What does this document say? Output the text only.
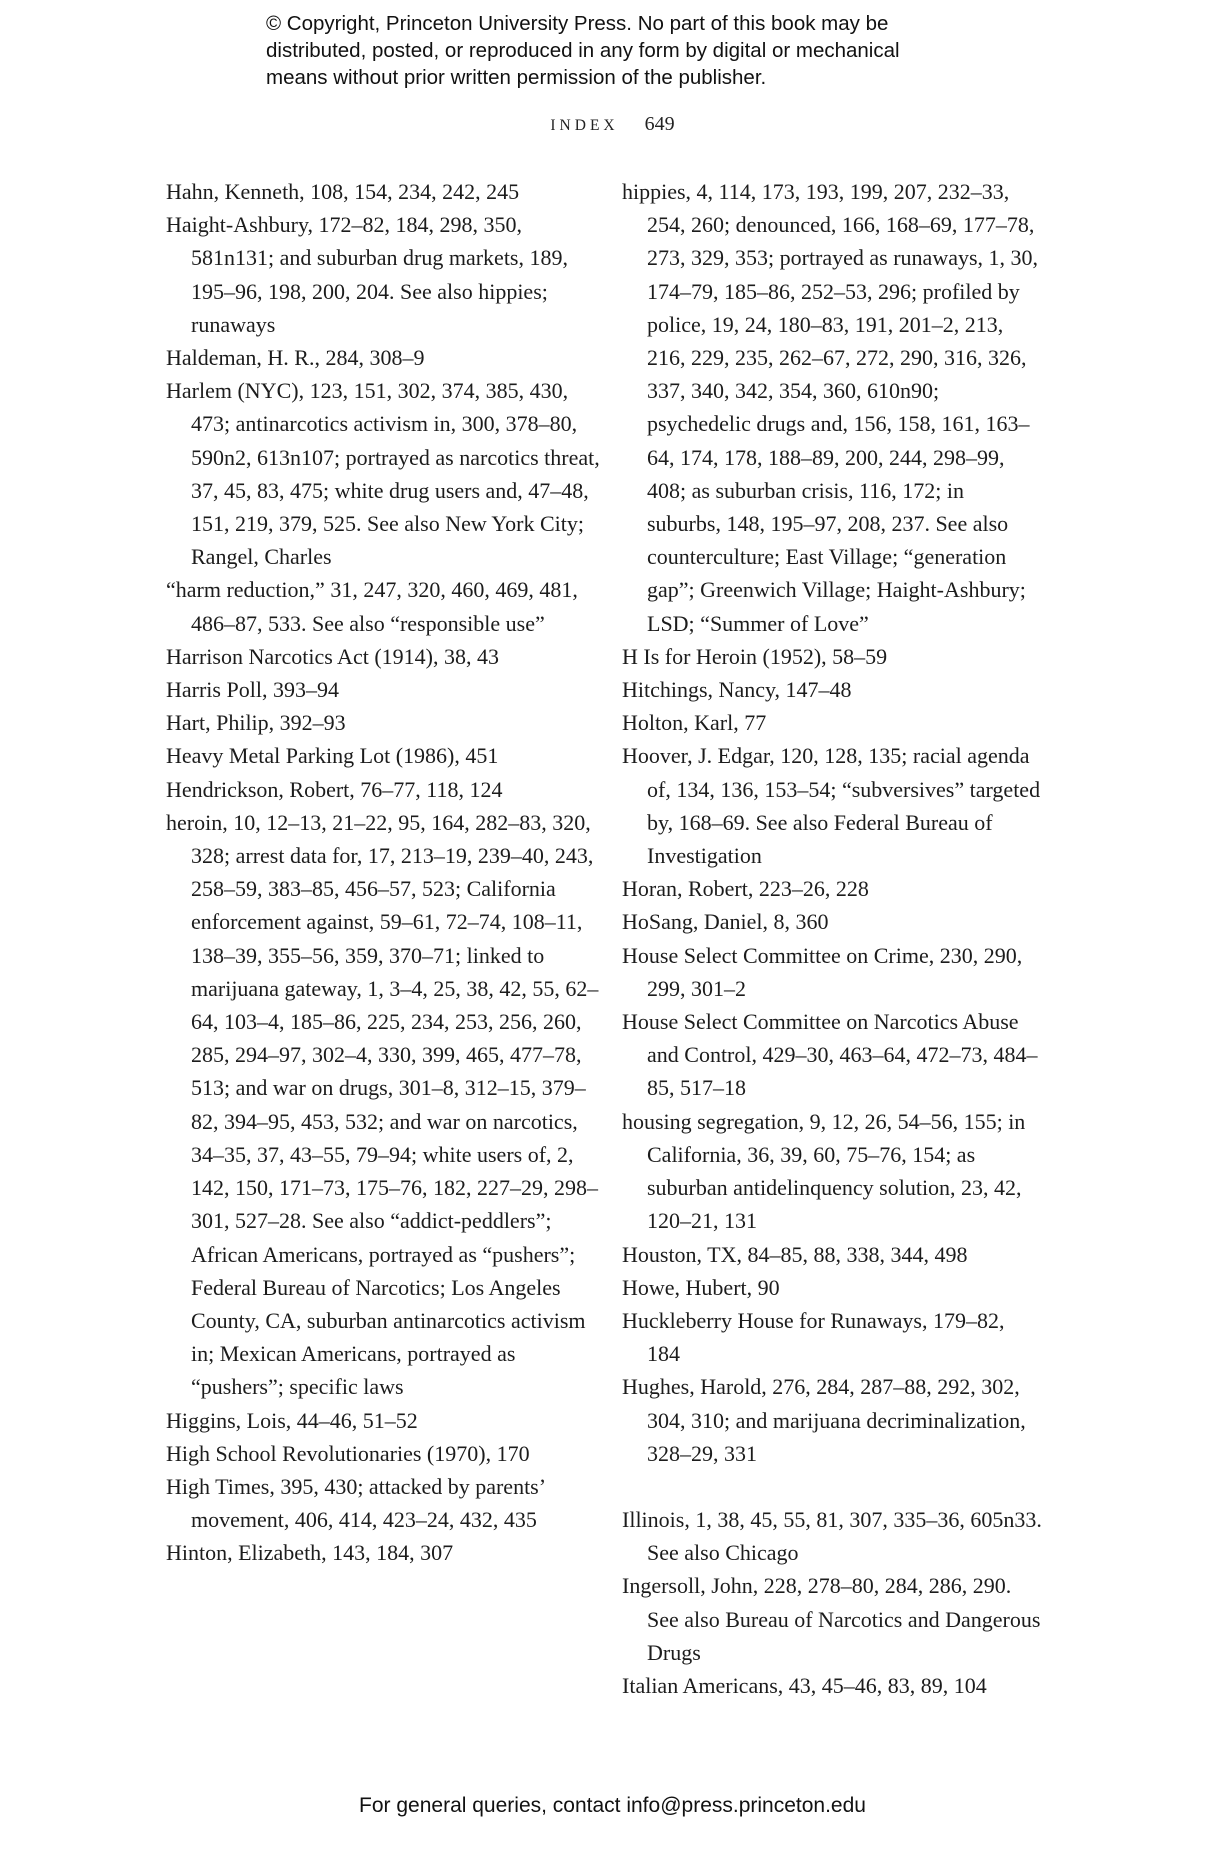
© Copyright, Princeton University Press. No part of this book may be
distributed, posted, or reproduced in any form by digital or mechanical
means without prior written permission of the publisher.
INDEX 649

Hahn, Kenneth, 108, 154, 234, 242, 245

Haight-Ashbury, 172–82, 184, 298, 350, 581n131; and suburban drug markets, 189, 195–96, 198, 200, 204. See also hippies; runaways

Haldeman, H. R., 284, 308–9

Harlem (NYC), 123, 151, 302, 374, 385, 430, 473; antinarcotics activism in, 300, 378–80, 590n2, 613n107; portrayed as narcotics threat, 37, 45, 83, 475; white drug users and, 47–48, 151, 219, 379, 525. See also New York City; Rangel, Charles

“harm reduction,” 31, 247, 320, 460, 469, 481, 486–87, 533. See also “responsible use”

Harrison Narcotics Act (1914), 38, 43

Harris Poll, 393–94

Hart, Philip, 392–93

Heavy Metal Parking Lot (1986), 451

Hendrickson, Robert, 76–77, 118, 124

heroin, 10, 12–13, 21–22, 95, 164, 282–83, 320, 328; arrest data for, 17, 213–19, 239–40, 243, 258–59, 383–85, 456–57, 523; California enforcement against, 59–61, 72–74, 108–11, 138–39, 355–56, 359, 370–71; linked to marijuana gateway, 1, 3–4, 25, 38, 42, 55, 62–64, 103–4, 185–86, 225, 234, 253, 256, 260, 285, 294–97, 302–4, 330, 399, 465, 477–78, 513; and war on drugs, 301–8, 312–15, 379–82, 394–95, 453, 532; and war on narcotics, 34–35, 37, 43–55, 79–94; white users of, 2, 142, 150, 171–73, 175–76, 182, 227–29, 298–301, 527–28. See also “addict-peddlers”; African Americans, portrayed as “pushers”; Federal Bureau of Narcotics; Los Angeles County, CA, suburban antinarcotics activism in; Mexican Americans, portrayed as “pushers”; specific laws

Higgins, Lois, 44–46, 51–52

High School Revolutionaries (1970), 170

High Times, 395, 430; attacked by parents’ movement, 406, 414, 423–24, 432, 435

Hinton, Elizabeth, 143, 184, 307

hippies, 4, 114, 173, 193, 199, 207, 232–33, 254, 260; denounced, 166, 168–69, 177–78, 273, 329, 353; portrayed as runaways, 1, 30, 174–79, 185–86, 252–53, 296; profiled by police, 19, 24, 180–83, 191, 201–2, 213, 216, 229, 235, 262–67, 272, 290, 316, 326, 337, 340, 342, 354, 360, 610n90; psychedelic drugs and, 156, 158, 161, 163–64, 174, 178, 188–89, 200, 244, 298–99, 408; as suburban crisis, 116, 172; in suburbs, 148, 195–97, 208, 237. See also counterculture; East Village; “generation gap”; Greenwich Village; Haight-Ashbury; LSD; “Summer of Love”

H Is for Heroin (1952), 58–59

Hitchings, Nancy, 147–48

Holton, Karl, 77

Hoover, J. Edgar, 120, 128, 135; racial agenda of, 134, 136, 153–54; “subversives” targeted by, 168–69. See also Federal Bureau of Investigation

Horan, Robert, 223–26, 228

HoSang, Daniel, 8, 360

House Select Committee on Crime, 230, 290, 299, 301–2

House Select Committee on Narcotics Abuse and Control, 429–30, 463–64, 472–73, 484–85, 517–18

housing segregation, 9, 12, 26, 54–56, 155; in California, 36, 39, 60, 75–76, 154; as suburban antidelinquency solution, 23, 42, 120–21, 131

Houston, TX, 84–85, 88, 338, 344, 498

Howe, Hubert, 90

Huckleberry House for Runaways, 179–82, 184

Hughes, Harold, 276, 284, 287–88, 292, 302, 304, 310; and marijuana decriminalization, 328–29, 331

Illinois, 1, 38, 45, 55, 81, 307, 335–36, 605n33. See also Chicago

Ingersoll, John, 228, 278–80, 284, 286, 290. See also Bureau of Narcotics and Dangerous Drugs

Italian Americans, 43, 45–46, 83, 89, 104

For general queries, contact info@press.princeton.edu
